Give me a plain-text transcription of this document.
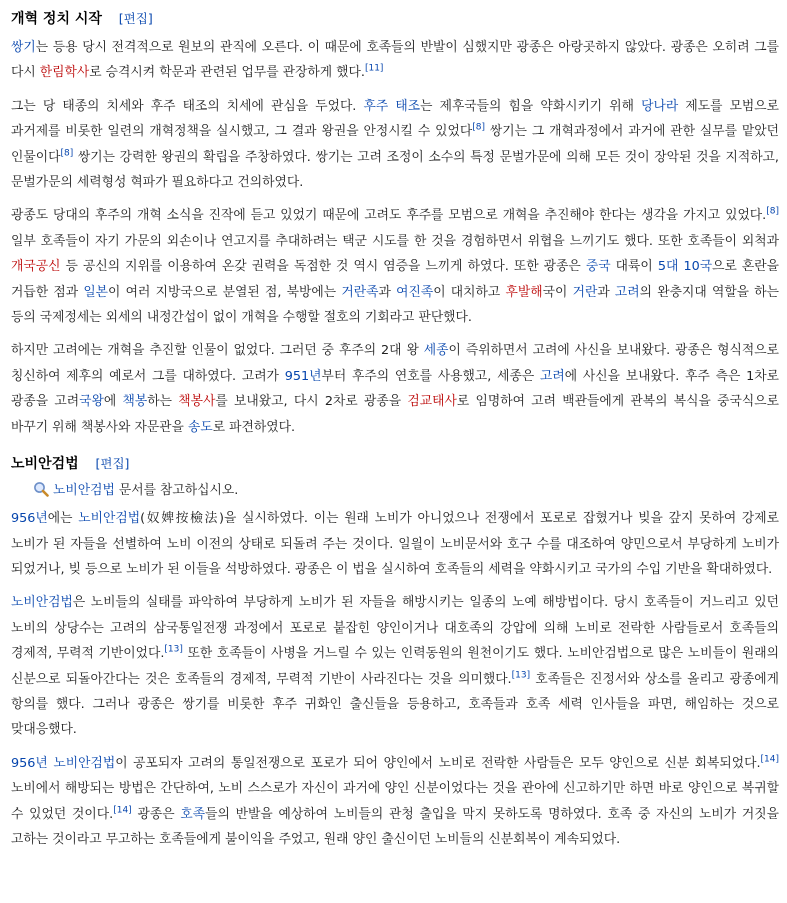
개혁 정치 시작 [편집]

쌍기는 등용 당시 전격적으로 원보의 관직에 오른다. 이 때문에 호족들의 반발이 심했지만 광종은 아랑곳하지 않았다. 광종은 오히려 그를 다시 한림학사로 승격시켜 학문과 관련된 업무를 관장하게 했다.[11]

그는 당 태종의 치세와 후주 태조의 치세에 관심을 두었다. 후주 태조는 제후국들의 힘을 약화시키기 위해 당나라 제도를 모범으로 과거제를 비롯한 일련의 개혁정책을 실시했고, 그 결과 왕권을 안정시킬 수 있었다[8] 쌍기는 그 개혁과정에서 과거에 관한 실무를 맡았던 인물이다[8] 쌍기는 강력한 왕권의 확립을 주창하였다. 쌍기는 고려 조정이 소수의 특정 문벌가문에 의해 모든 것이 장악된 것을 지적하고, 문벌가문의 세력형성 혁파가 필요하다고 건의하였다.

광종도 당대의 후주의 개혁 소식을 진작에 듣고 있었기 때문에 고려도 후주를 모범으로 개혁을 추진해야 한다는 생각을 가지고 있었다.[8] 일부 호족들이 자기 가문의 외손이나 연고지를 추대하려는 택군 시도를 한 것을 경험하면서 위협을 느끼기도 했다. 또한 호족들이 외척과 개국공신 등 공신의 지위를 이용하여 온갖 권력을 독점한 것 역시 염증을 느끼게 하였다. 또한 광종은 중국 대륙이 5대 10국으로 혼란을 거듭한 점과 일본이 여러 지방국으로 분열된 점, 북방에는 거란족과 여진족이 대치하고 후발해국이 거란과 고려의 완충지대 역할을 하는 등의 국제정세는 외세의 내정간섭이 없이 개혁을 수행할 절호의 기회라고 판단했다.

하지만 고려에는 개혁을 추진할 인물이 없었다. 그러던 중 후주의 2대 왕 세종이 즉위하면서 고려에 사신을 보내왔다. 광종은 형식적으로 칭신하여 제후의 예로서 그를 대하였다. 고려가 951년부터 후주의 연호를 사용했고, 세종은 고려에 사신을 보내왔다. 후주 측은 1차로 광종을 고려국왕에 책봉하는 책봉사를 보내왔고, 다시 2차로 광종을 검교태사로 임명하여 고려 백관들에게 관복의 복식을 중국식으로 바꾸기 위해 책봉사와 자문관을 송도로 파견하였다.

노비안검법 [편집]
노비안검법 문서를 참고하십시오.

956년에는 노비안검법(奴婢按檢法)을 실시하였다. 이는 원래 노비가 아니었으나 전쟁에서 포로로 잡혔거나 빚을 갚지 못하여 강제로 노비가 된 자들을 선별하여 노비 이전의 상태로 되돌려 주는 것이다. 일읠이 노비문서와 호구 수를 대조하여 양민으로서 부당하게 노비가 되었거나, 빚 등으로 노비가 된 이들을 석방하였다. 광종은 이 법을 실시하여 호족들의 세력을 약화시키고 국가의 수입 기반을 확대하였다.

노비안검법은 노비들의 실태를 파악하여 부당하게 노비가 된 자들을 해방시키는 일종의 노예 해방법이다. 당시 호족들이 거느리고 있던 노비의 상당수는 고려의 삼국통일전쟁 과정에서 포로로 붙잡힌 양인이거나 대호족의 강압에 의해 노비로 전락한 사람들로서 호족들의 경제적, 무력적 기반이었다.[13] 또한 호족들이 사병을 거느릴 수 있는 인력동원의 원천이기도 했다. 노비안검법으로 많은 노비들이 원래의 신분으로 되돌아간다는 것은 호족들의 경제적, 무력적 기반이 사라진다는 것을 의미했다.[13] 호족들은 진정서와 상소를 올리고 광종에게 항의를 했다. 그러나 광종은 쌍기를 비롯한 후주 귀화인 출신들을 등용하고, 호족들과 호족 세력 인사들을 파면, 해임하는 것으로 맞대응했다.

956년 노비안검법이 공포되자 고려의 통일전쟁으로 포로가 되어 양인에서 노비로 전락한 사람들은 모두 양인으로 신분 회복되었다.[14] 노비에서 해방되는 방법은 간단하여, 노비 스스로가 자신이 과거에 양인 신분이었다는 것을 관아에 신고하기만 하면 바로 양인으로 복귀할 수 있었던 것이다.[14] 광종은 호족들의 반발을 예상하여 노비들의 관청 출입을 막지 못하도록 명하였다. 호족 중 자신의 노비가 거짓을 고하는 것이라고 무고하는 호족들에게 불이익을 주었고, 원래 양인 출신이던 노비들의 신분회복이 계속되었다.
